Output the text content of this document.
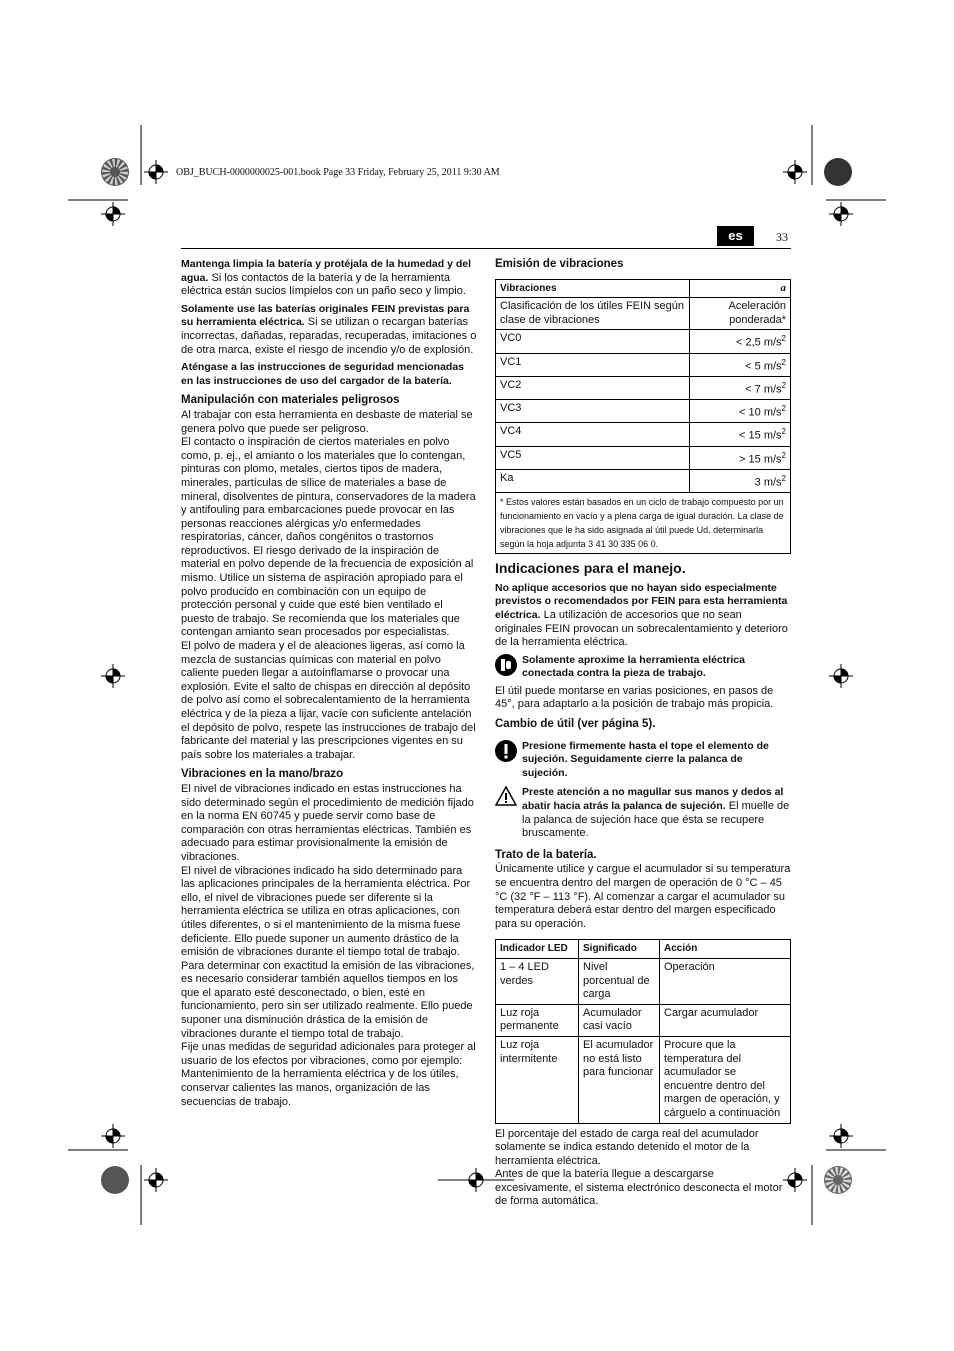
OBJ_BUCH-0000000025-001.book Page 33 Friday, February 25, 2011 9:30 AM
es	33

Mantenga limpia la batería y protéjala de la humedad y del agua. Si los contactos de la batería y de la herramienta eléctrica están sucios límpielos con un paño seco y limpio.

Solamente use las baterías originales FEIN previstas para su herramienta eléctrica. Si se utilizan o recargan baterías incorrectas, dañadas, reparadas, recuperadas, imitaciones o de otra marca, existe el riesgo de incendio y/o de explosión.

Aténgase a las instrucciones de seguridad mencionadas en las instrucciones de uso del cargador de la batería.

Manipulación con materiales peligrosos

Al trabajar con esta herramienta en desbaste de material se genera polvo que puede ser peligroso.

El contacto o inspiración de ciertos materiales en polvo como, p. ej., el amianto o los materiales que lo contengan, pinturas con plomo, metales, ciertos tipos de madera, minerales, partículas de sílice de materiales a base de mineral, disolventes de pintura, conservadores de la madera y antifouling para embarcaciones puede provocar en las personas reacciones alérgicas y/o enfermedades respiratorias, cáncer, daños congénitos o trastornos reproductivos. El riesgo derivado de la inspiración de material en polvo depende de la frecuencia de exposición al mismo. Utilice un sistema de aspiración apropiado para el polvo producido en combinación con un equipo de protección personal y cuide que esté bien ventilado el puesto de trabajo. Se recomienda que los materiales que contengan amianto sean procesados por especialistas.

El polvo de madera y el de aleaciones ligeras, así como la mezcla de sustancias químicas con material en polvo caliente pueden llegar a autoinflamarse o provocar una explosión. Evite el salto de chispas en dirección al depósito de polvo así como el sobrecalentamiento de la herramienta eléctrica y de la pieza a lijar, vacíe con suficiente antelación el depósito de polvo, respete las instrucciones de trabajo del fabricante del material y las prescripciones vigentes en su país sobre los materiales a trabajar.

Vibraciones en la mano/brazo

El nivel de vibraciones indicado en estas instrucciones ha sido determinado según el procedimiento de medición fijado en la norma EN 60745 y puede servir como base de comparación con otras herramientas eléctricas. También es adecuado para estimar provisionalmente la emisión de vibraciones.

El nivel de vibraciones indicado ha sido determinado para las aplicaciones principales de la herramienta eléctrica. Por ello, el nivel de vibraciones puede ser diferente si la herramienta eléctrica se utiliza en otras aplicaciones, con útiles diferentes, o si el mantenimiento de la misma fuese deficiente. Ello puede suponer un aumento drástico de la emisión de vibraciones durante el tiempo total de trabajo.

Para determinar con exactitud la emisión de las vibraciones, es necesario considerar también aquellos tiempos en los que el aparato esté desconectado, o bien, esté en funcionamiento, pero sin ser utilizado realmente. Ello puede suponer una disminución drástica de la emisión de vibraciones durante el tiempo total de trabajo.

Fije unas medidas de seguridad adicionales para proteger al usuario de los efectos por vibraciones, como por ejemplo: Mantenimiento de la herramienta eléctrica y de los útiles, conservar calientes las manos, organización de las secuencias de trabajo.

Emisión de vibraciones
Vibraciones	a
Clasificación de los útiles FEIN según clase de vibraciones	Aceleración ponderada*
VC0	< 2,5 $m/s^2$
VC1	< 5 $m/s^2$
VC2	< 7 $m/s^2$
VC3	< 10 $m/s^2$
VC4	< 15 $m/s^2$
VC5	> 15 $m/s^2$
Ka	3 $m/s^2$
* Estos valores están basados en un ciclo de trabajo compuesto por un funcionamiento en vacío y a plena carga de igual duración. La clase de vibraciones que le ha sido asignada al útil puede Ud. determinarla según la hoja adjunta 3 41 30 335 06 0.	
Indicaciones para el manejo.

No aplique accesorios que no hayan sido especialmente previstos o recomendados por FEIN para esta herramienta eléctrica. La utilización de accesorios que no sean originales FEIN provocan un sobrecalentamiento y deterioro de la herramienta eléctrica.

Solamente aproxime la herramienta eléctrica conectada contra la pieza de trabajo.

El útil puede montarse en varias posiciones, en pasos de 45°, para adaptarlo a la posición de trabajo más propicia.

Cambio de útil (ver página 5).
Presione firmemente hasta el tope el elemento de sujeción. Seguidamente cierre la palanca de sujeción.
Preste atención a no magullar sus manos y dedos al abatir hacia atrás la palanca de sujeción. El muelle de la palanca de sujeción hace que ésta se recupere bruscamente.
Trato de la batería.

Únicamente utilice y cargue el acumulador si su temperatura se encuentra dentro del margen de operación de 0 °C – 45 °C (32 °F – 113 °F). Al comenzar a cargar el acumulador su temperatura deberá estar dentro del margen especificado para su operación.

Indicador LED	Significado	Acción
1 – 4 LED verdes	Nivel porcentual de carga	Operación
Luz roja permanente	Acumulador casi vacío	Cargar acumulador
Luz roja intermitente	El acumulador no está listo para funcionar	Procure que la temperatura del acumulador se encuentre dentro del margen de operación, y cárguelo a continuación

El porcentaje del estado de carga real del acumulador solamente se indica estando detenido el motor de la herramienta eléctrica.

Antes de que la batería llegue a descargarse excesivamente, el sistema electrónico desconecta el motor de forma automática.
